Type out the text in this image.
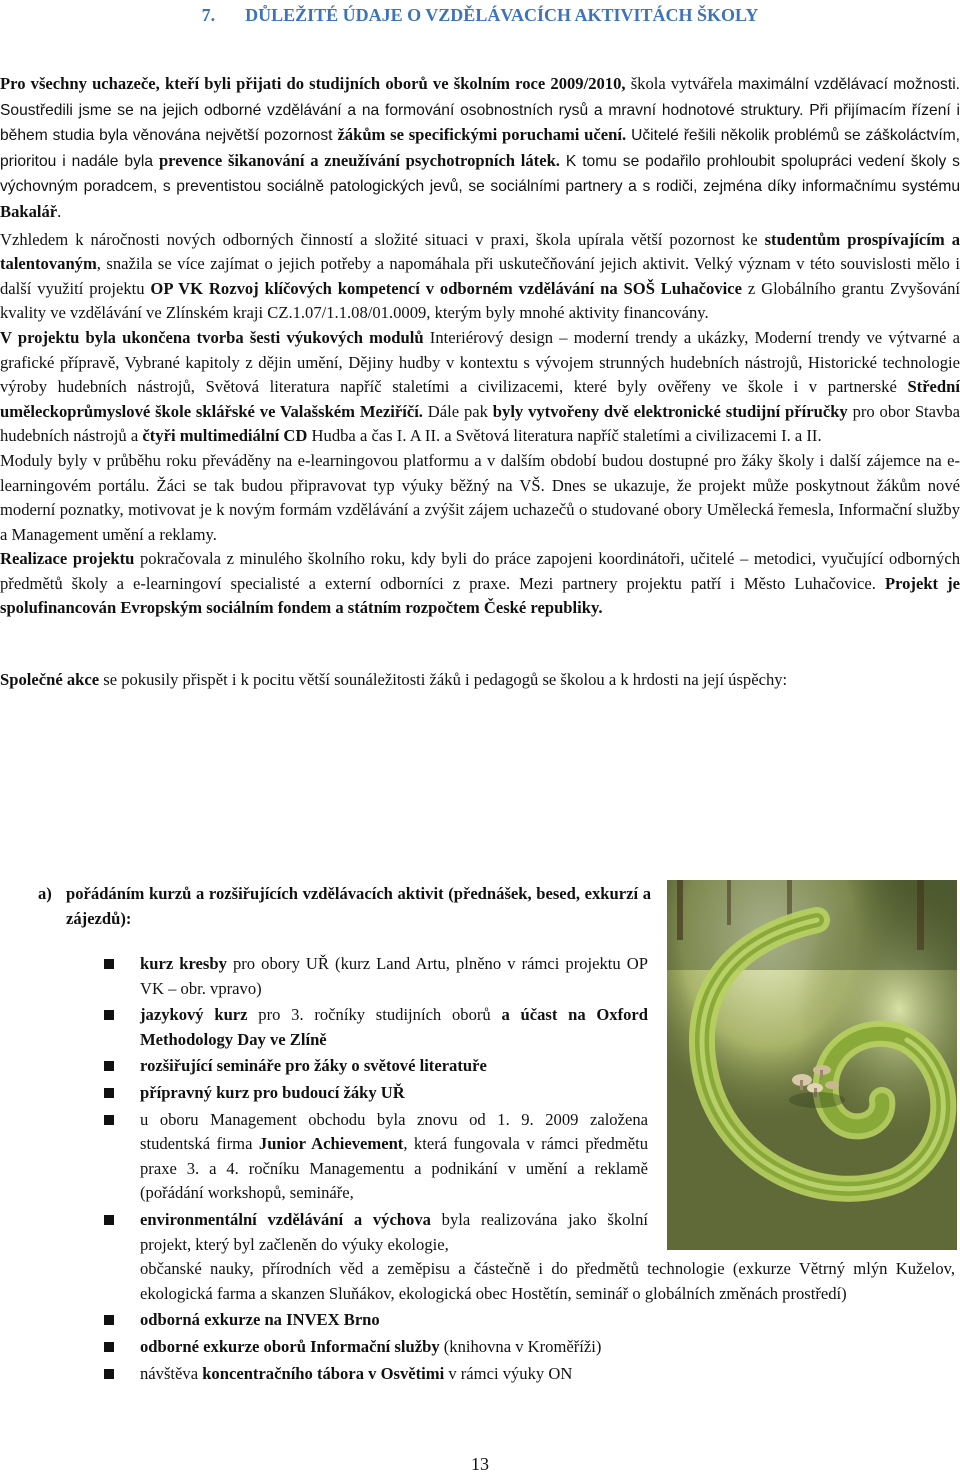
7. DŮLEŽITÉ ÚDAJE O VZDĚLÁVACÍCH AKTIVITÁCH ŠKOLY

Pro všechny uchazeče, kteří byli přijati do studijních oborů ve školním roce 2009/2010, škola vytvářela maximální vzdělávací možnosti. Soustředili jsme se na jejich odborné vzdělávání a na formování osobnostních rysů a mravní hodnotové struktury. Při přijímacím řízení i během studia byla věnována největší pozornost žákům se specifickými poruchami učení. Učitelé řešili několik problémů se záškoláctvím, prioritou i nadále byla prevence šikanování a zneužívání psychotropních látek. K tomu se podařilo prohloubit spolupráci vedení školy s výchovným poradcem, s preventistou sociálně patologických jevů, se sociálními partnery a s rodiči, zejména díky informačnímu systému Bakalář.

Vzhledem k náročnosti nových odborných činností a složité situaci v praxi, škola upírala větší pozornost ke studentům prospívajícím a talentovaným, snažila se více zajímat o jejich potřeby a napomáhala při uskutečňování jejich aktivit. Velký význam v této souvislosti mělo i další využití projektu OP VK Rozvoj klíčových kompetencí v odborném vzdělávání na SOŠ Luhačovice z Globálního grantu Zvyšování kvality ve vzdělávání ve Zlínském kraji CZ.1.07/1.1.08/01.0009, kterým byly mnohé aktivity financovány.

V projektu byla ukončena tvorba šesti výukových modulů Interiérový design – moderní trendy a ukázky, Moderní trendy ve výtvarné a grafické přípravě, Vybrané kapitoly z dějin umění, Dějiny hudby v kontextu s vývojem strunných hudebních nástrojů, Historické technologie výroby hudebních nástrojů, Světová literatura napříč staletími a civilizacemi, které byly ověřeny ve škole i v partnerské Střední uměleckoprůmyslové škole sklářské ve Valašském Meziříčí. Dále pak byly vytvořeny dvě elektronické studijní příručky pro obor Stavba hudebních nástrojů a čtyři multimediální CD Hudba a čas I. A II. a Světová literatura napříč staletími a civilizacemi I. a II.

Moduly byly v průběhu roku převáděny na e-learningovou platformu a v dalším období budou dostupné pro žáky školy i další zájemce na e-learningovém portálu. Žáci se tak budou připravovat typ výuky běžný na VŠ. Dnes se ukazuje, že projekt může poskytnout žákům nové moderní poznatky, motivovat je k novým formám vzdělávání a zvýšit zájem uchazečů o studované obory Umělecká řemesla, Informační služby a Management umění a reklamy.

Realizace projektu pokračovala z minulého školního roku, kdy byli do práce zapojeni koordinátoři, učitelé – metodici, vyučující odborných předmětů školy a e-learningoví specialisté a externí odborníci z praxe. Mezi partnery projektu patří i Město Luhačovice. Projekt je spolufinancován Evropským sociálním fondem a státním rozpočtem České republiky.

Společné akce se pokusily přispět i k pocitu větší sounáležitosti žáků i pedagogů se školou a k hrdosti na její úspěchy:

a) pořádáním kurzů a rozšiřujících vzdělávacích aktivit (přednášek, besed, exkurzí a zájezdů):
kurz kresby pro obory UŘ (kurz Land Artu, plněno v rámci projektu OP VK – obr. vpravo)
jazykový kurz pro 3. ročníky studijních oborů a účast na Oxford Methodology Day ve Zlíně
rozšiřující semináře pro žáky o světové literatuře
přípravný kurz pro budoucí žáky UŘ
u oboru Management obchodu byla znovu od 1. 9. 2009 založena studentská firma Junior Achievement, která fungovala v rámci předmětu praxe 3. a 4. ročníku Managementu a podnikání v umění a reklamě (pořádání workshopů, semináře,
environmentální vzdělávání a výchova byla realizována jako školní projekt, který byl začleněn do výuky ekologie,
občanské nauky, přírodních věd a zeměpisu a částečně i do předmětů technologie (exkurze Větrný mlýn Kuželov, ekologická farma a skanzen Sluňákov, ekologická obec Hostětín, seminář o globálních změnách prostředí)
odborná exkurze na INVEX Brno
odborné exkurze oborů Informační služby (knihovna v Kroměříži)
návštěva koncentračního tábora v Osvětimi v rámci výuky ON
13
